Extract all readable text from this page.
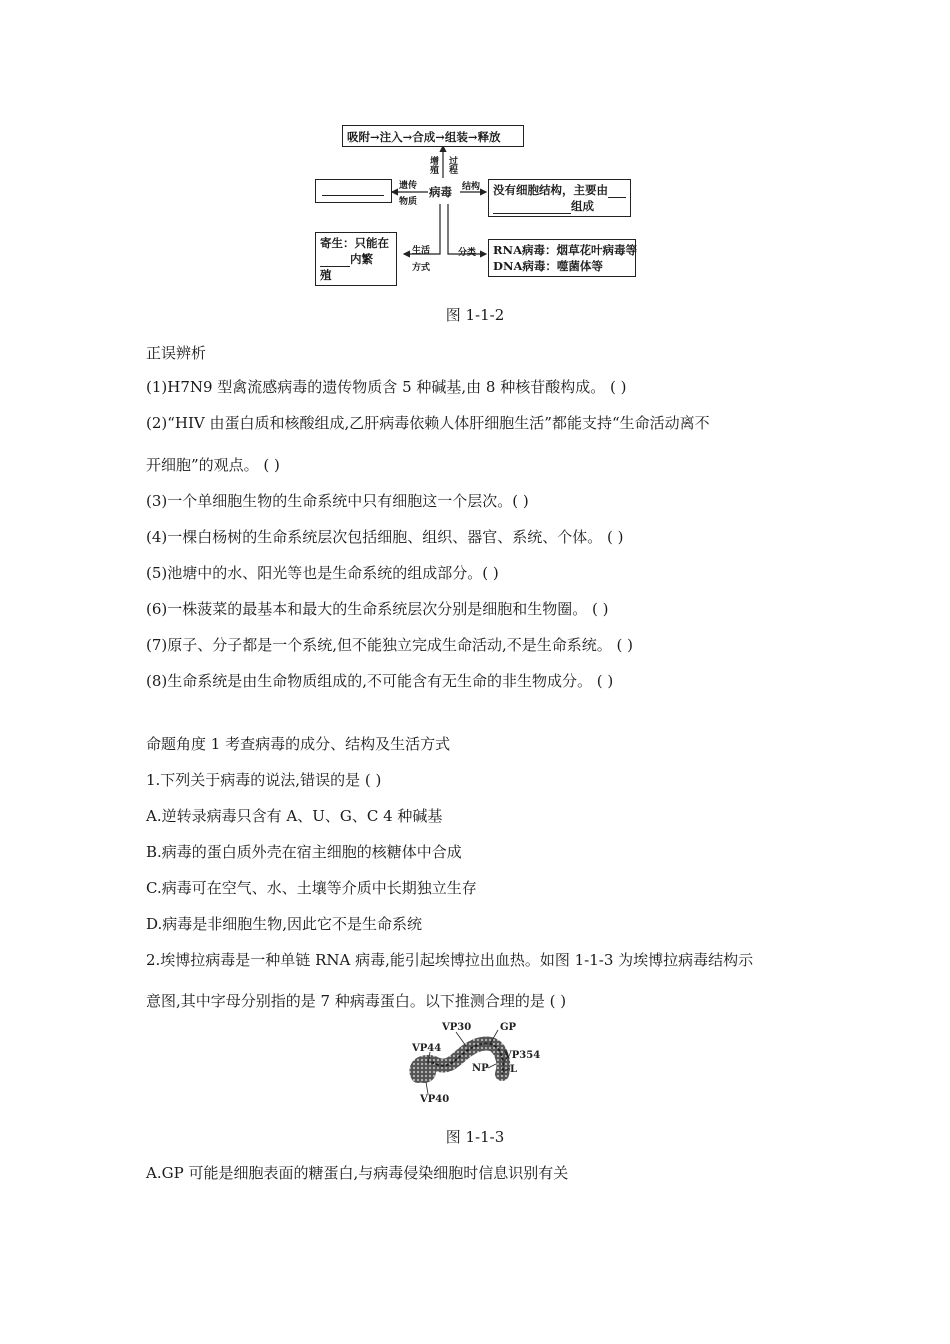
吸附→注入→合成→组装→释放
增殖 过程
病毒
遗传
物质
没有细胞结构，主要由
组成
结构
寄生：只能在
内繁
殖
生活
方式
RNA病毒：烟草花叶病毒等
DNA病毒：噬菌体等
分类
图 1-1-2
正误辨析
(1)H7N9 型禽流感病毒的遗传物质含 5 种碱基,由 8 种核苷酸构成。 ( )
(2)“HIV 由蛋白质和核酸组成,乙肝病毒依赖人体肝细胞生活”都能支持“生命活动离不
开细胞”的观点。 ( )
(3)一个单细胞生物的生命系统中只有细胞这一个层次。( )
(4)一棵白杨树的生命系统层次包括细胞、组织、器官、系统、个体。 ( )
(5)池塘中的水、阳光等也是生命系统的组成部分。( )
(6)一株菠菜的最基本和最大的生命系统层次分别是细胞和生物圈。 ( )
(7)原子、分子都是一个系统,但不能独立完成生命活动,不是生命系统。 ( )
(8)生命系统是由生命物质组成的,不可能含有无生命的非生物成分。 ( )
命题角度 1 考查病毒的成分、结构及生活方式
1.下列关于病毒的说法,错误的是 ( )
A.逆转录病毒只含有 A、U、G、C 4 种碱基
B.病毒的蛋白质外壳在宿主细胞的核糖体中合成
C.病毒可在空气、水、土壤等介质中长期独立生存
D.病毒是非细胞生物,因此它不是生命系统
2.埃博拉病毒是一种单链 RNA 病毒,能引起埃博拉出血热。如图 1-1-3 为埃博拉病毒结构示
意图,其中字母分别指的是 7 种病毒蛋白。以下推测合理的是 ( )
VP30	GP
VP44
VP354
NP L
VP40
图 1-1-3
A.GP 可能是细胞表面的糖蛋白,与病毒侵染细胞时信息识别有关
